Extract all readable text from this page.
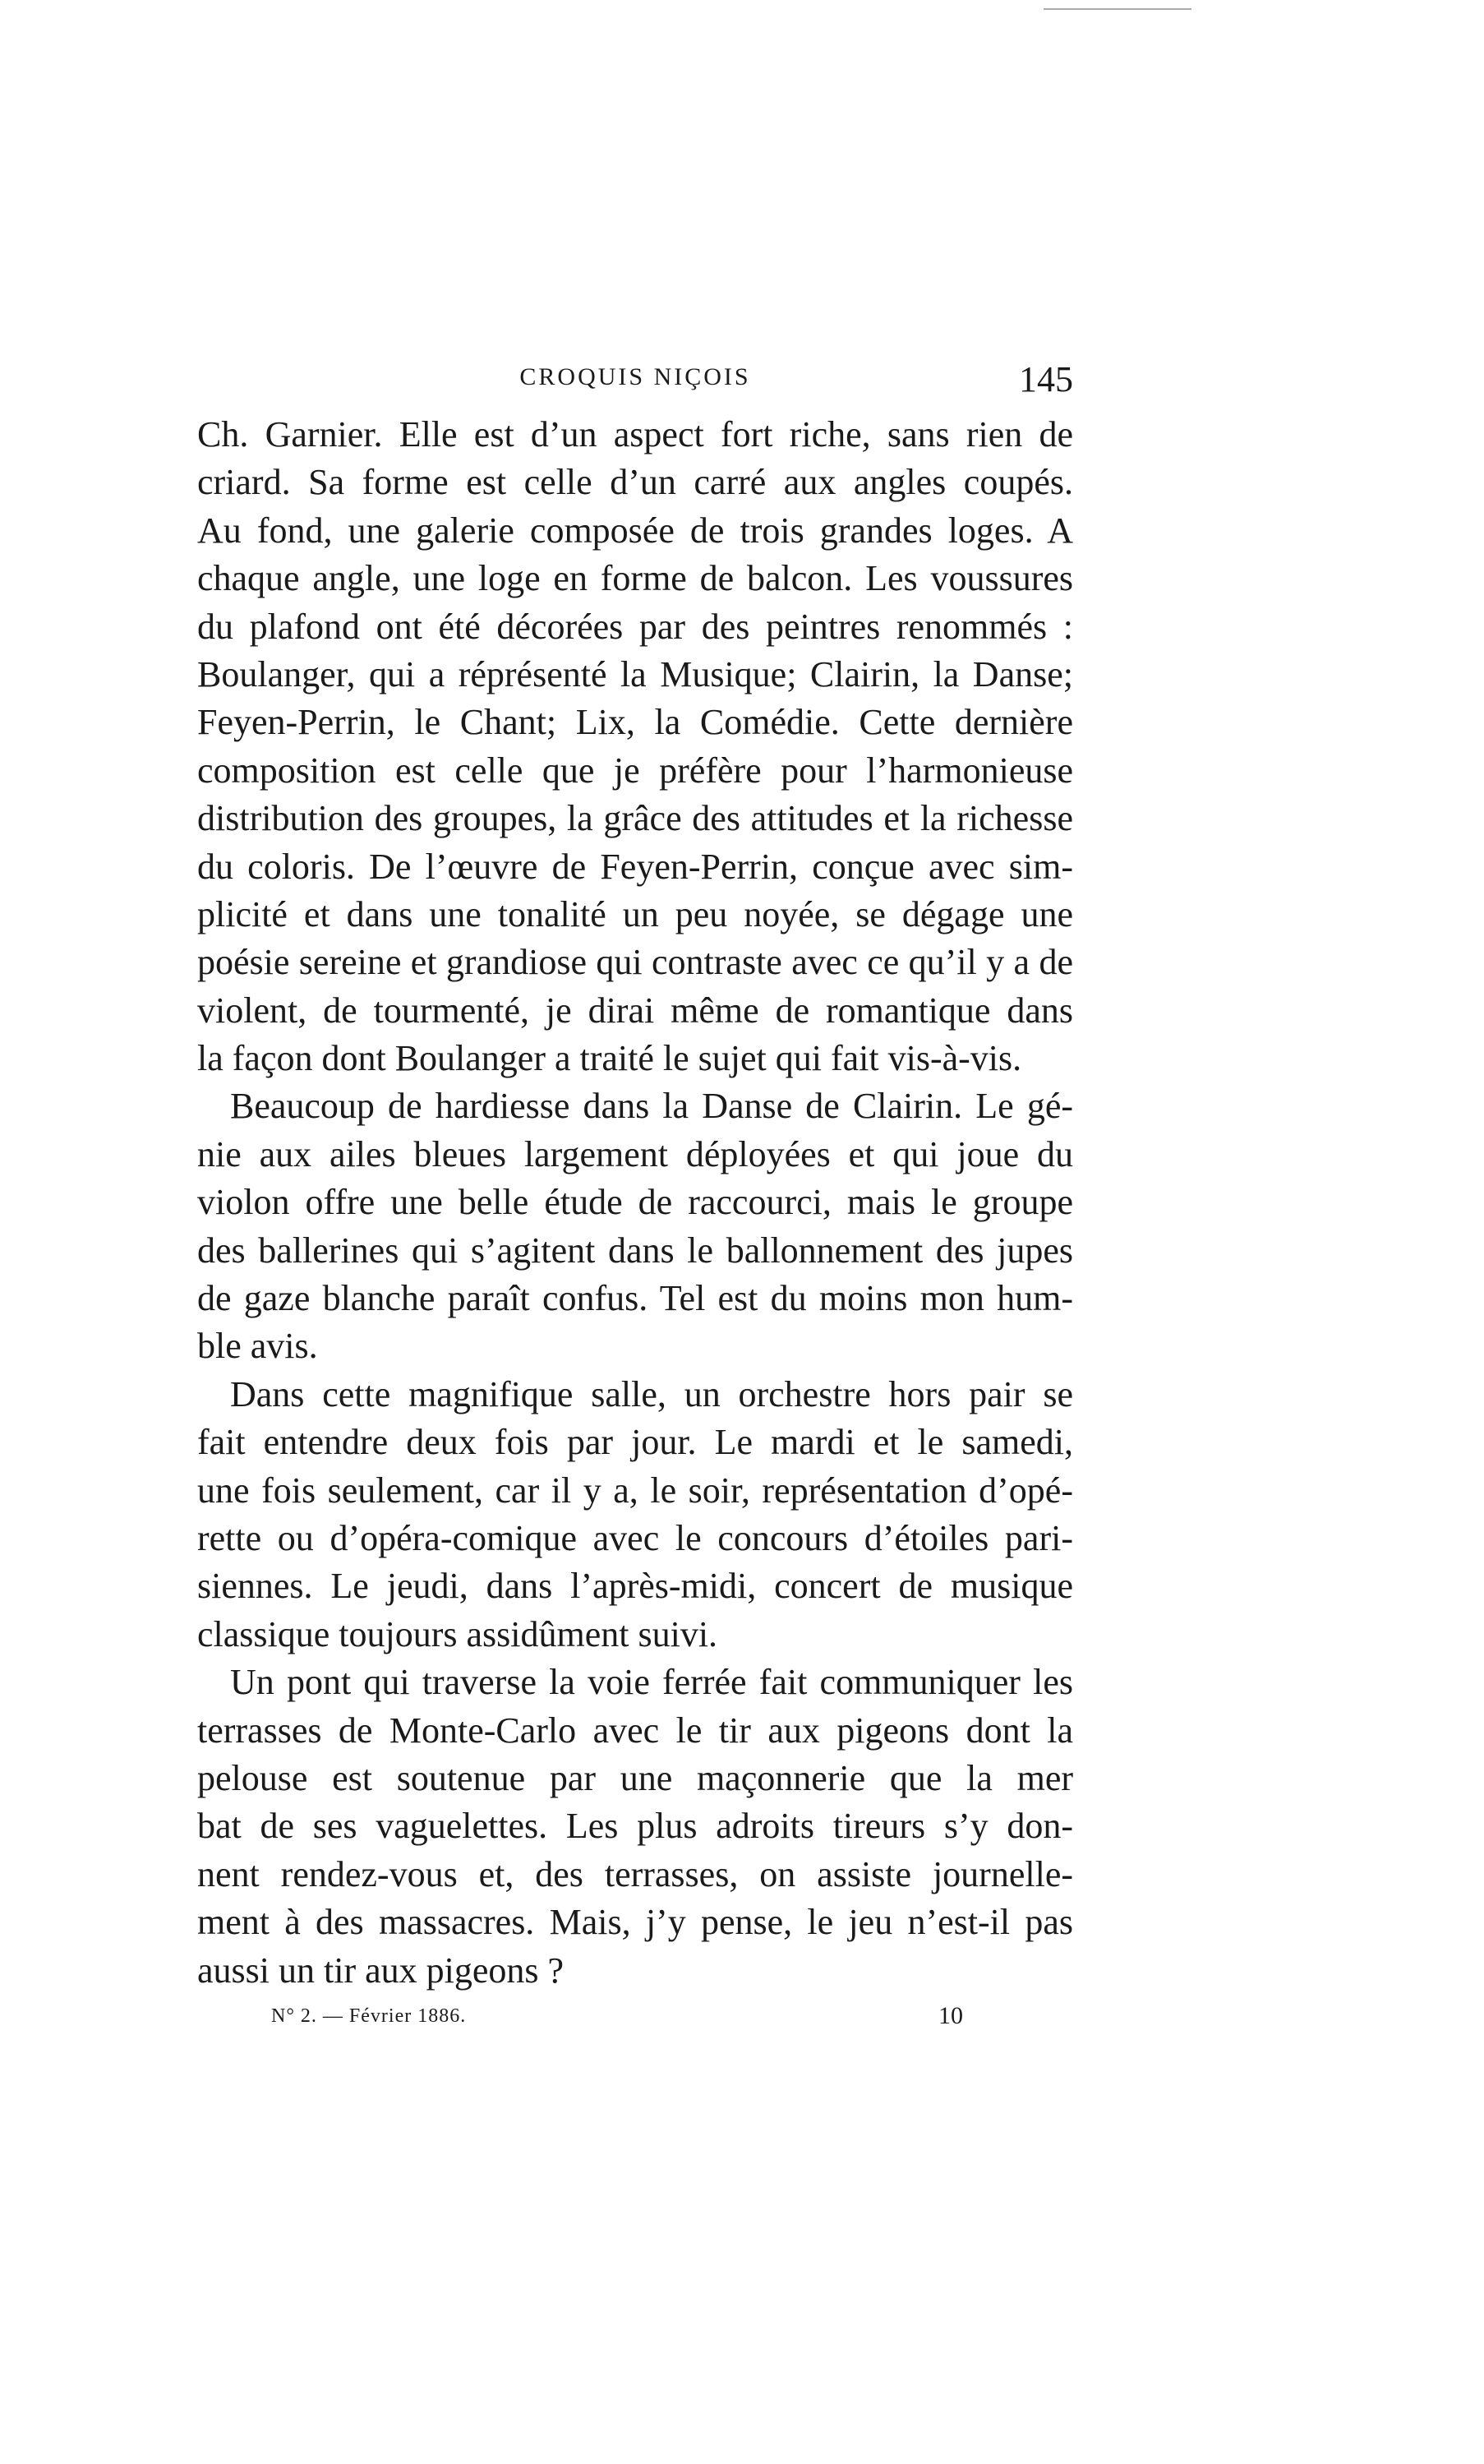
CROQUIS NIÇOIS	145
Ch. Garnier. Elle est d’un aspect fort riche, sans rien de
criard. Sa forme est celle d’un carré aux angles coupés.
Au fond, une galerie composée de trois grandes loges. A
chaque angle, une loge en forme de balcon. Les voussures
du plafond ont été décorées par des peintres renommés :
Boulanger, qui a réprésenté la Musique; Clairin, la Danse;
Feyen-Perrin, le Chant; Lix, la Comédie. Cette dernière
composition est celle que je préfère pour l’harmonieuse
distribution des groupes, la grâce des attitudes et la richesse
du coloris. De l’œuvre de Feyen-Perrin, conçue avec sim-
plicité et dans une tonalité un peu noyée, se dégage une
poésie sereine et grandiose qui contraste avec ce qu’il y a de
violent, de tourmenté, je dirai même de romantique dans
la façon dont Boulanger a traité le sujet qui fait vis-à-vis.
Beaucoup de hardiesse dans la Danse de Clairin. Le gé-
nie aux ailes bleues largement déployées et qui joue du
violon offre une belle étude de raccourci, mais le groupe
des ballerines qui s’agitent dans le ballonnement des jupes
de gaze blanche paraît confus. Tel est du moins mon hum-
ble avis.
Dans cette magnifique salle, un orchestre hors pair se
fait entendre deux fois par jour. Le mardi et le samedi,
une fois seulement, car il y a, le soir, représentation d’opé-
rette ou d’opéra-comique avec le concours d’étoiles pari-
siennes. Le jeudi, dans l’après-midi, concert de musique
classique toujours assidûment suivi.
Un pont qui traverse la voie ferrée fait communiquer les
terrasses de Monte-Carlo avec le tir aux pigeons dont la
pelouse est soutenue par une maçonnerie que la mer
bat de ses vaguelettes. Les plus adroits tireurs s’y don-
nent rendez-vous et, des terrasses, on assiste journelle-
ment à des massacres. Mais, j’y pense, le jeu n’est-il pas
aussi un tir aux pigeons ?
N° 2. — Février 1886.	10
